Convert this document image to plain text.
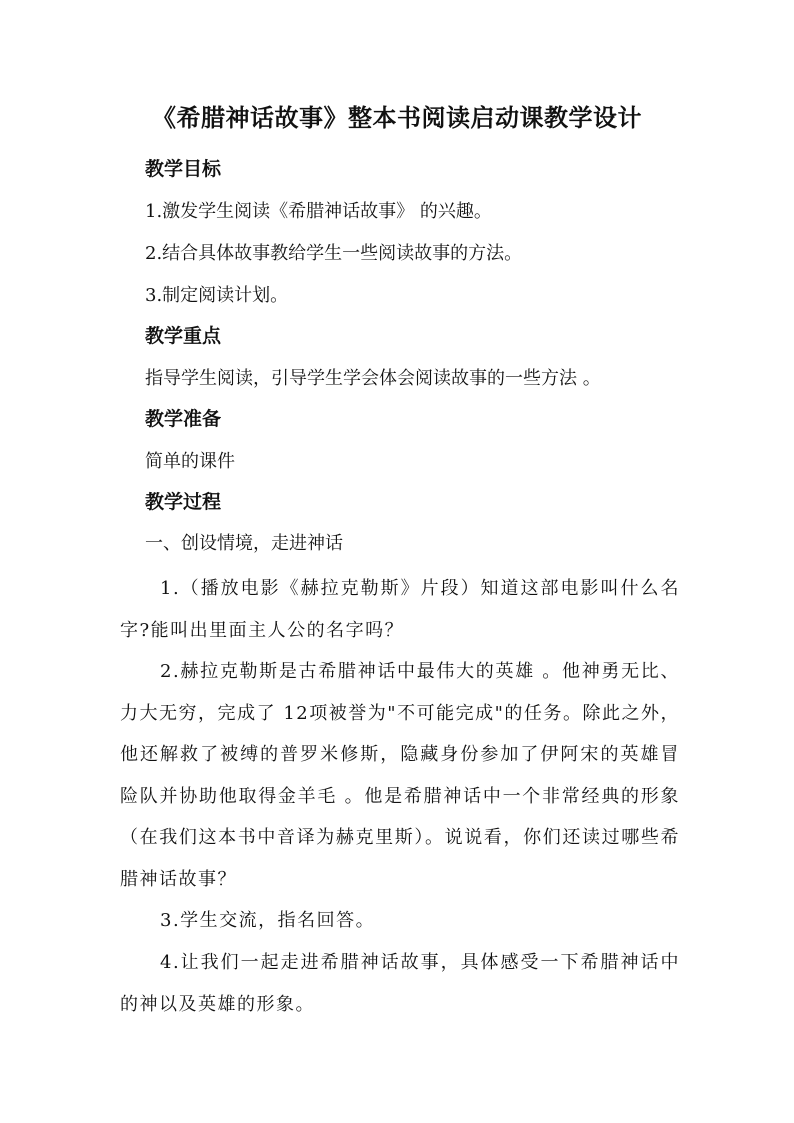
《希腊神话故事》整本书阅读启动课教学设计
教学目标
1.激发学生阅读《希腊神话故事》 的兴趣。
2.结合具体故事教给学生一些阅读故事的方法。
3.制定阅读计划。
教学重点
指导学生阅读，引导学生学会体会阅读故事的一些方法 。
教学准备
简单的课件
教学过程
一、创设情境，走进神话
1.（播放电影《赫拉克勒斯》片段）知道这部电影叫什么名字?能叫出里面主人公的名字吗？
2.赫拉克勒斯是古希腊神话中最伟大的英雄 。他神勇无比、力大无穷，完成了 12项被誉为"不可能完成"的任务。除此之外，他还解救了被缚的普罗米修斯，隐藏身份参加了伊阿宋的英雄冒险队并协助他取得金羊毛 。他是希腊神话中一个非常经典的形象（在我们这本书中音译为赫克里斯）。说说看，你们还读过哪些希腊神话故事？
3.学生交流，指名回答。
4.让我们一起走进希腊神话故事，具体感受一下希腊神话中的神以及英雄的形象。
